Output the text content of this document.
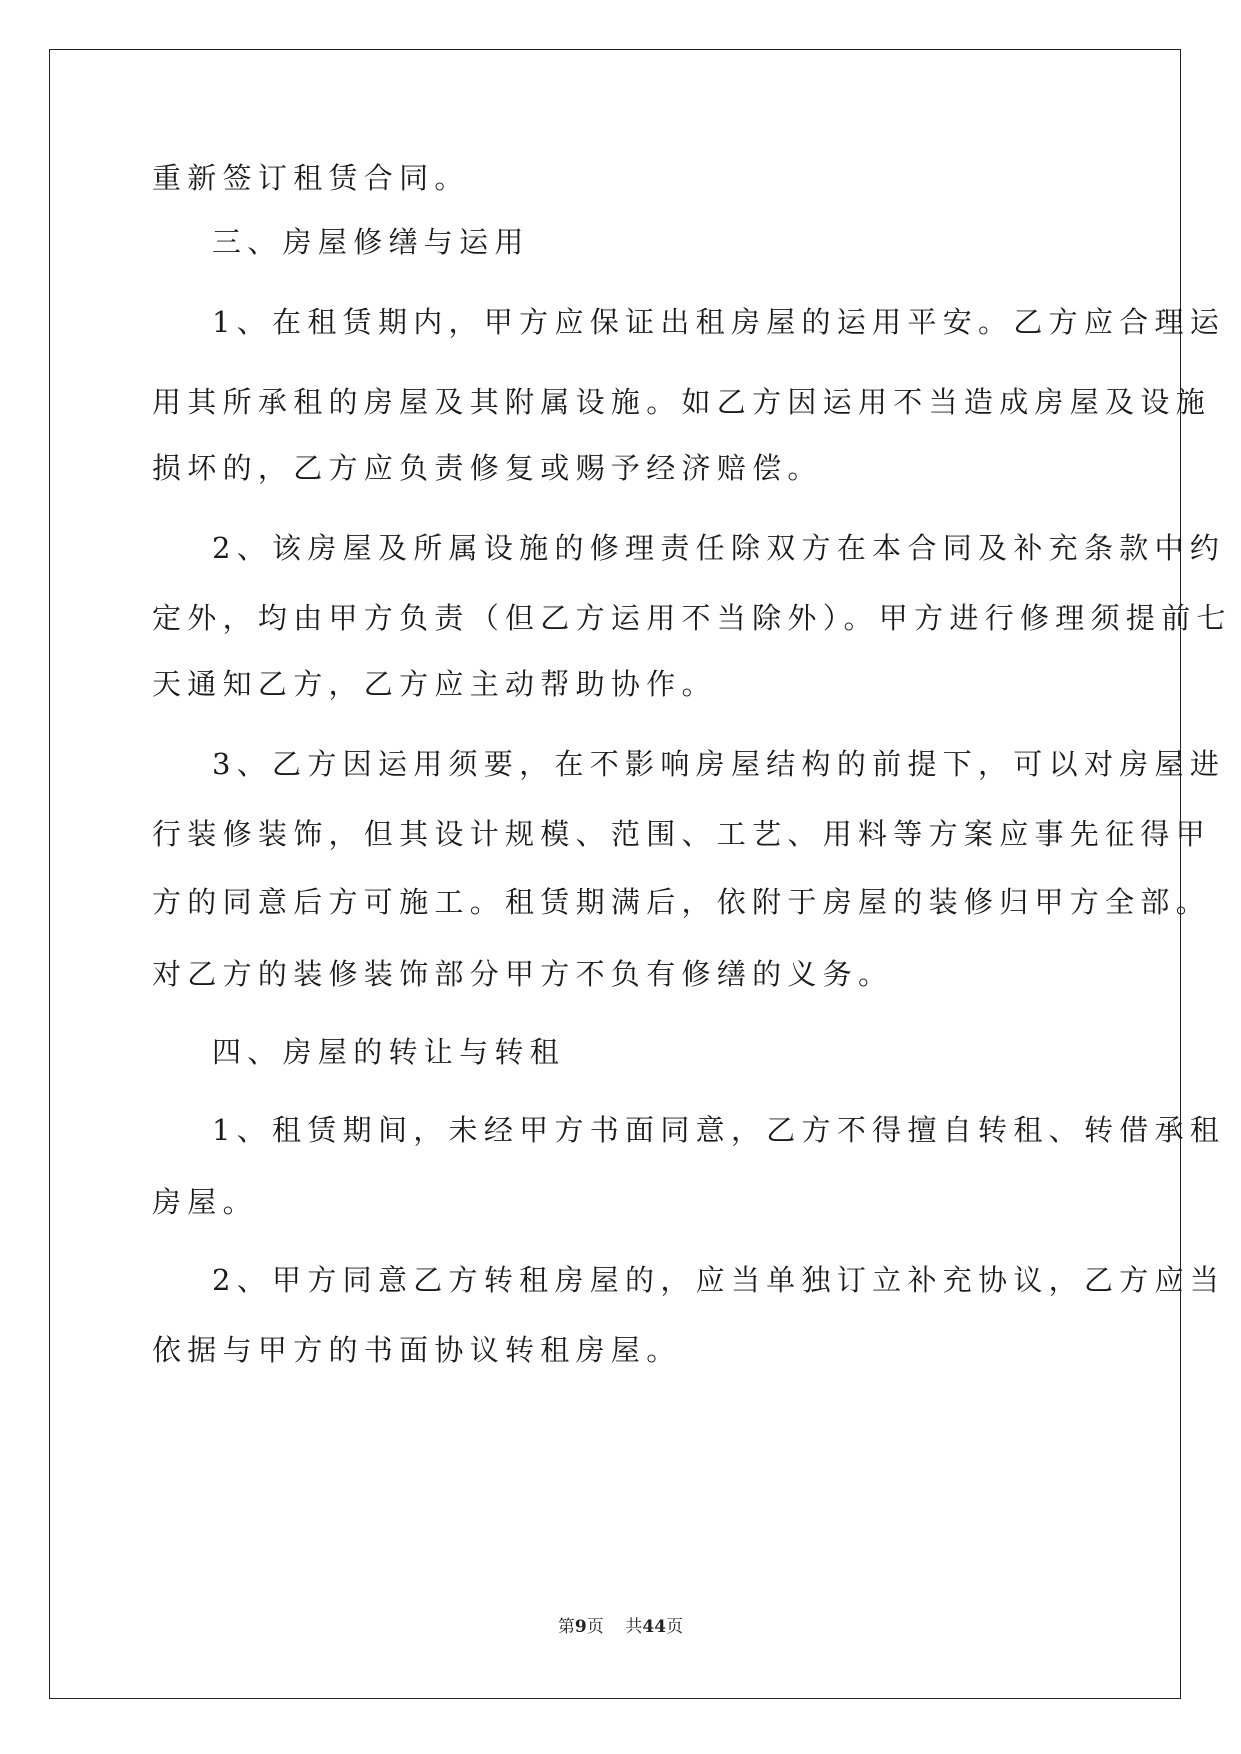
重新签订租赁合同。
三、房屋修缮与运用
1、在租赁期内，甲方应保证出租房屋的运用平安。乙方应合理运
用其所承租的房屋及其附属设施。如乙方因运用不当造成房屋及设施
损坏的，乙方应负责修复或赐予经济赔偿。
2、该房屋及所属设施的修理责任除双方在本合同及补充条款中约
定外，均由甲方负责（但乙方运用不当除外）。甲方进行修理须提前七
天通知乙方，乙方应主动帮助协作。
3、乙方因运用须要，在不影响房屋结构的前提下，可以对房屋进
行装修装饰，但其设计规模、范围、工艺、用料等方案应事先征得甲
方的同意后方可施工。租赁期满后，依附于房屋的装修归甲方全部。
对乙方的装修装饰部分甲方不负有修缮的义务。
四、房屋的转让与转租
1、租赁期间，未经甲方书面同意，乙方不得擅自转租、转借承租
房屋。
2、甲方同意乙方转租房屋的，应当单独订立补充协议，乙方应当
依据与甲方的书面协议转租房屋。
第9页 共44页
